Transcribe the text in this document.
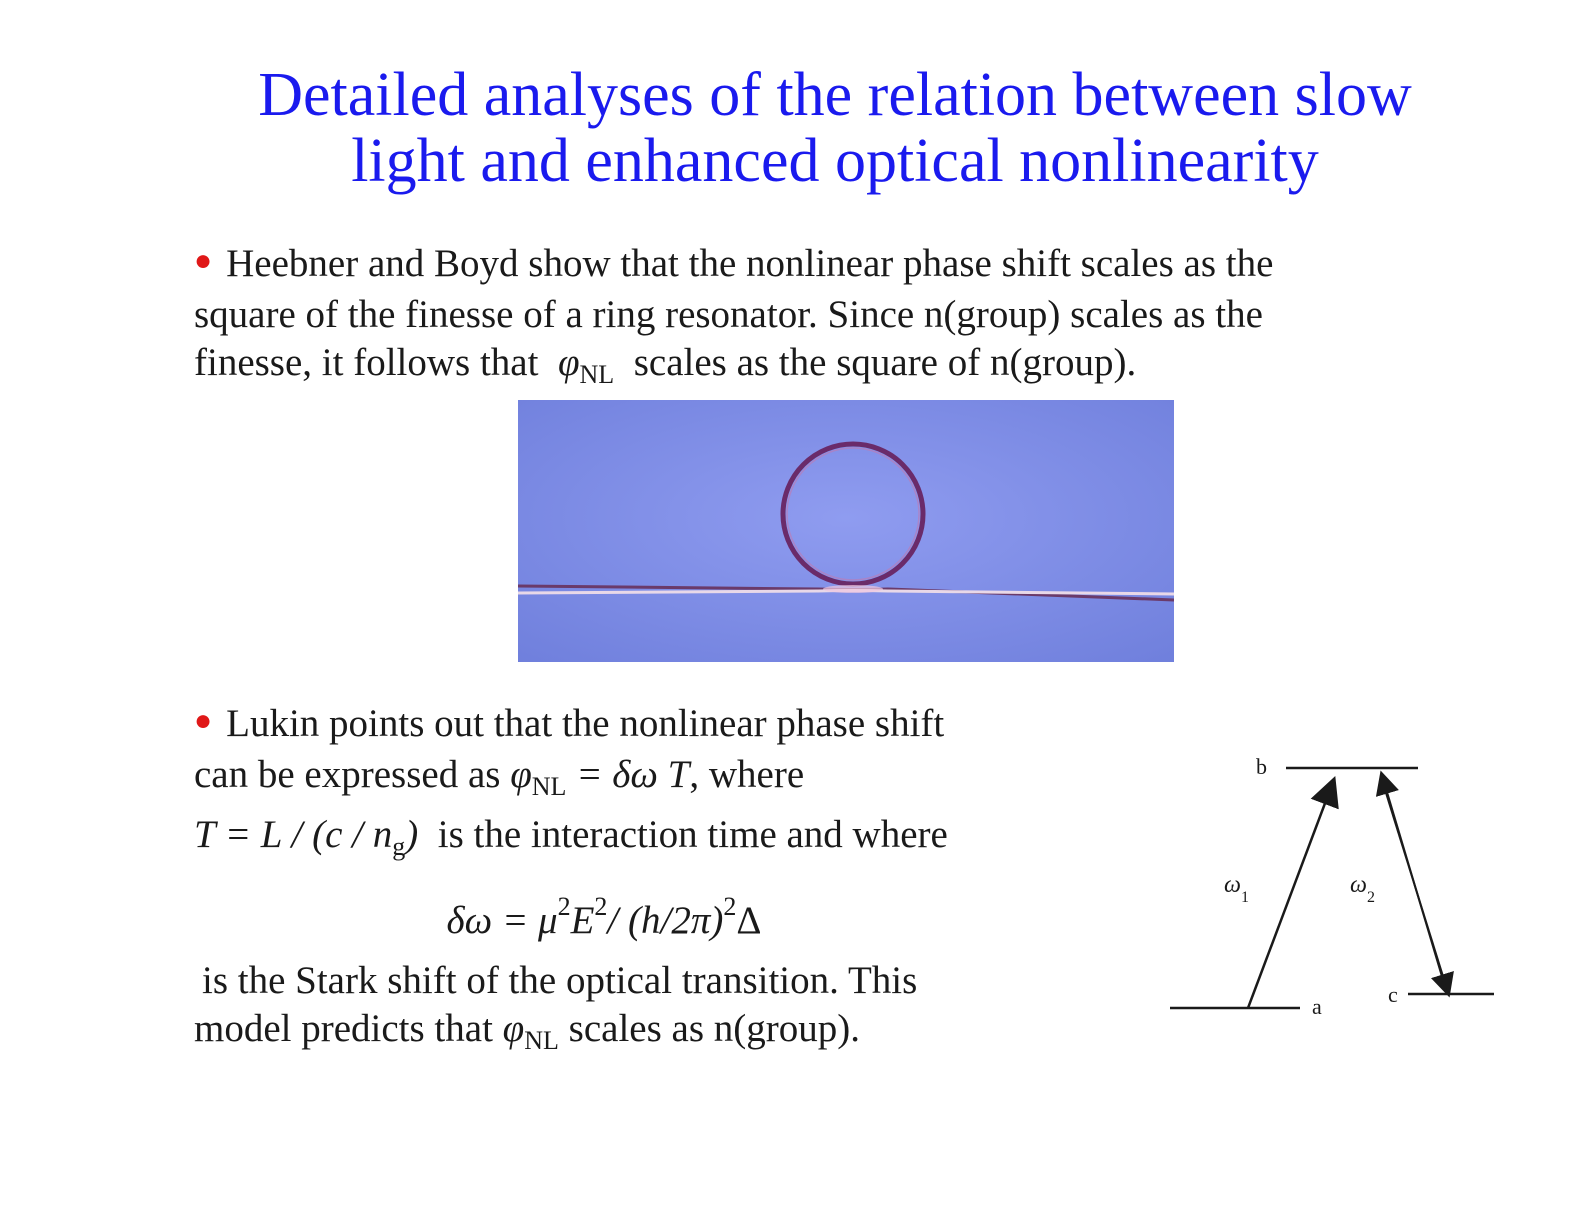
Detailed analyses of the relation between slow
light and enhanced optical nonlinearity
● Heebner and Boyd show that the nonlinear phase shift scales as the
square of the finesse of a ring resonator. Since n(group) scales as the
finesse, it follows that $\varphi_{NL}$ scales as the square of n(group).
● Lukin points out that the nonlinear phase shift
can be expressed as $\varphi_{NL} = \delta\omega$ T, where
$T = L / (c / n_g)$ is the interaction time and where
$\delta\omega = \mu^2E^2/$ $(h/2\pi)^2\Delta$
is the Stark shift of the optical transition. This
model predicts that $\varphi_{NL}$ scales as n(group).
b
a	c
ω 1	ω 2
